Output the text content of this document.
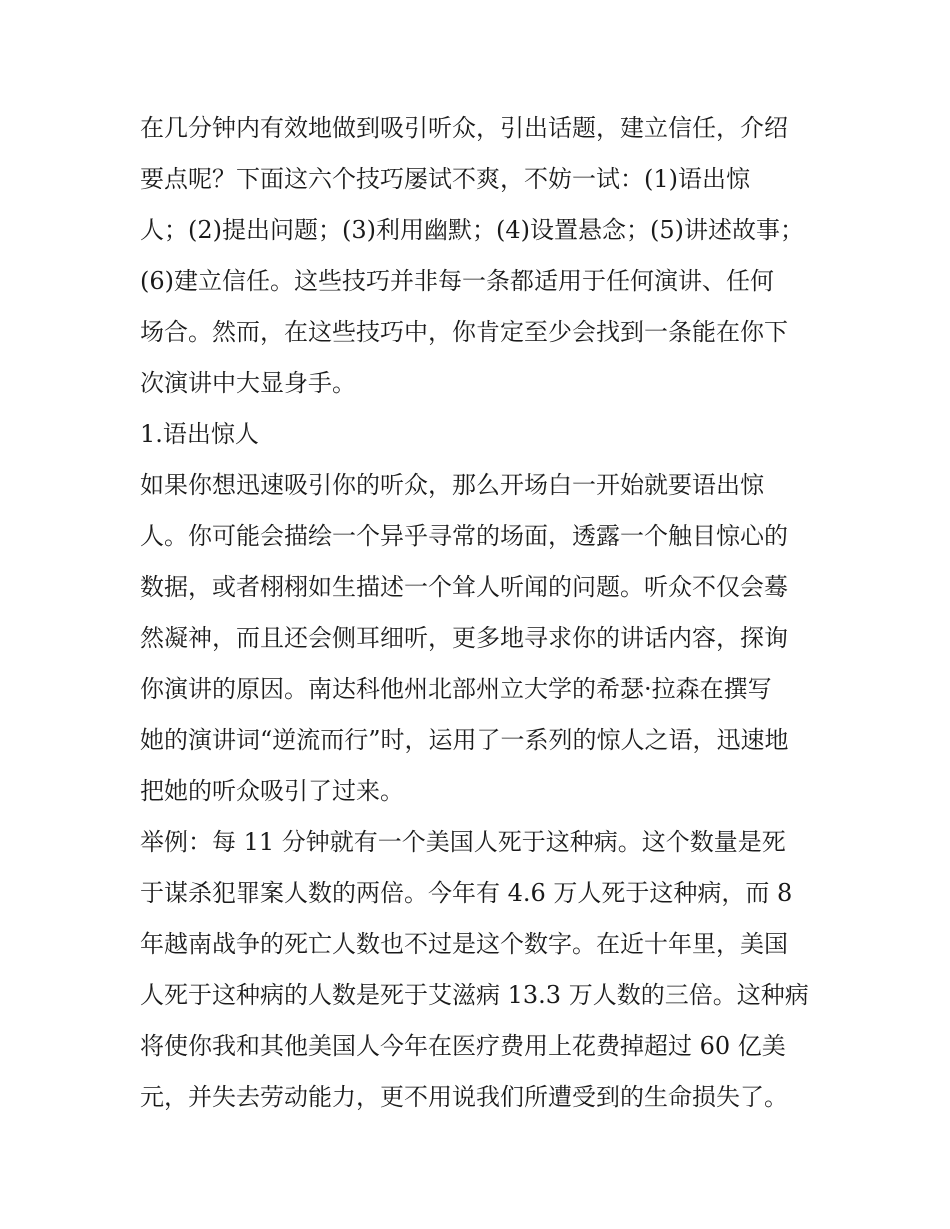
在几分钟内有效地做到吸引听众，引出话题，建立信任，介绍
要点呢？下面这六个技巧屡试不爽，不妨一试：(1)语出惊
人；(2)提出问题；(3)利用幽默；(4)设置悬念；(5)讲述故事；
(6)建立信任。这些技巧并非每一条都适用于任何演讲、任何
场合。然而，在这些技巧中，你肯定至少会找到一条能在你下
次演讲中大显身手。
1.语出惊人
如果你想迅速吸引你的听众，那么开场白一开始就要语出惊
人。你可能会描绘一个异乎寻常的场面，透露一个触目惊心的
数据，或者栩栩如生描述一个耸人听闻的问题。听众不仅会蓦
然凝神，而且还会侧耳细听，更多地寻求你的讲话内容，探询
你演讲的原因。南达科他州北部州立大学的希瑟·拉森在撰写
她的演讲词“逆流而行”时，运用了一系列的惊人之语，迅速地
把她的听众吸引了过来。
举例：每 11 分钟就有一个美国人死于这种病。这个数量是死
于谋杀犯罪案人数的两倍。今年有 4.6 万人死于这种病，而 8
年越南战争的死亡人数也不过是这个数字。在近十年里，美国
人死于这种病的人数是死于艾滋病 13.3 万人数的三倍。这种病
将使你我和其他美国人今年在医疗费用上花费掉超过 60 亿美
元，并失去劳动能力，更不用说我们所遭受到的生命损失了。
